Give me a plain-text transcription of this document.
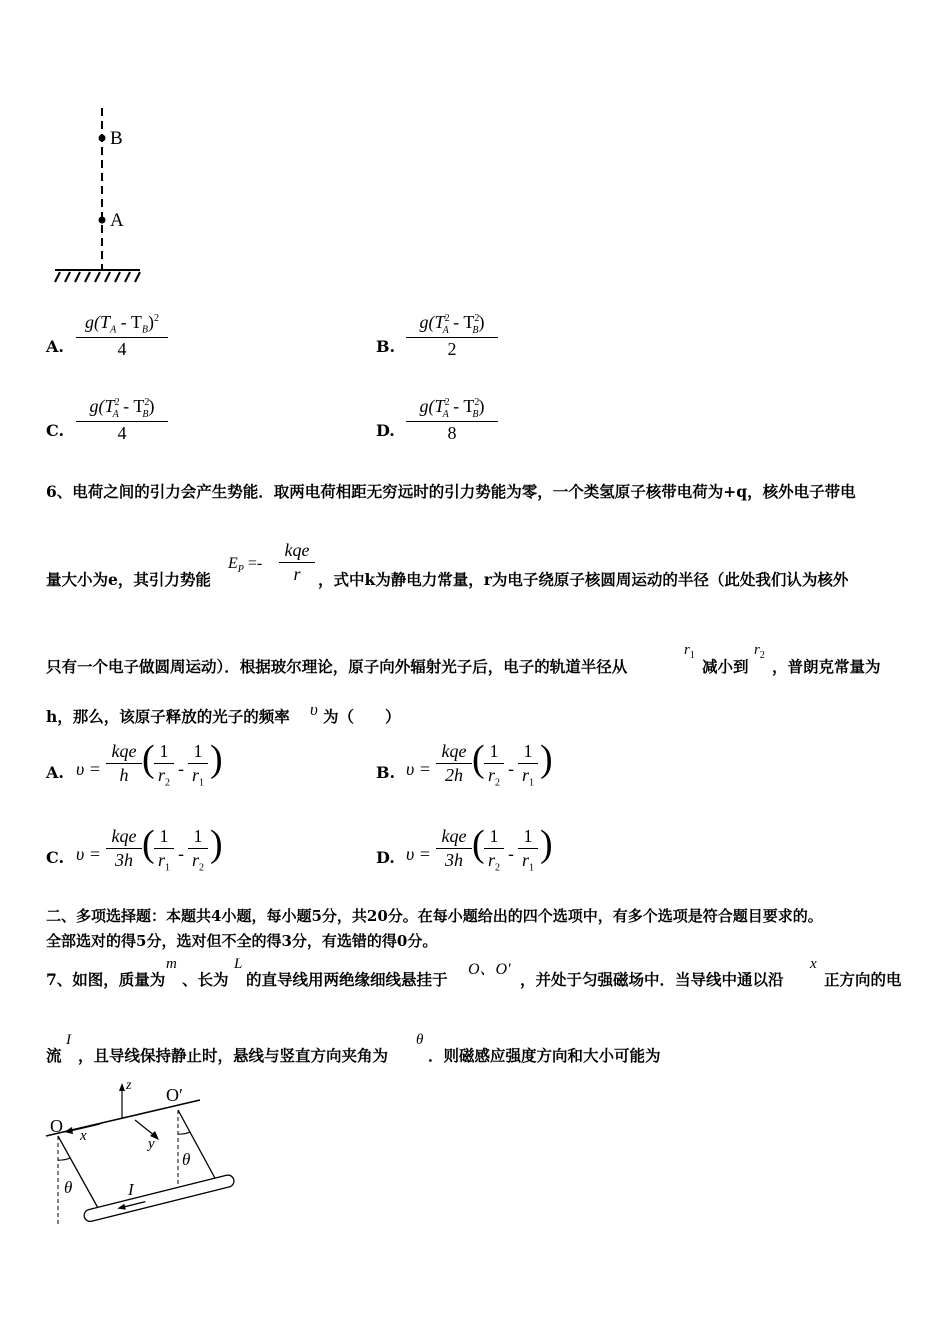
B
A
A.
$g(T_A - T_B)^2$
4	B.
$g(T^2_A - T^2_B)$
2
C.
$g(T^2_A - T^2_B)$
4	D.
$g(T^2_A - T^2_B)$
8
6、电荷之间的引力会产生势能．取两电荷相距无穷远时的引力势能为零，一个类氢原子核带电荷为+q，核外电子带电
量大小为e，其引力势能
$E_P$ =-
kqe
r	，式中k为静电力常量，r为电子绕原子核圆周运动的半径（此处我们认为核外
只有一个电子做圆周运动）．根据玻尔理论，原子向外辐射光子后，电子的轨道半径从
$r_1$
减小到
$r_2$
，普朗克常量为
h，那么，该原子释放的光子的频率 υ 为（　　）
A. υ =
kqe
h ( 1
$r_2$
-
1
$r_1$
)	B. υ =
kqe
2h ( 1
$r_2$
-
1
$r_1$
)
C. υ =
kqe
3h ( 1
$r_1$
-
1
$r_2$
)	D. υ =
kqe
3h ( 1
$r_2$
-
1
$r_1$
)
二、多项选择题：本题共4小题，每小题5分，共20分。在每小题给出的四个选项中，有多个选项是符合题目要求的。
全部选对的得5分，选对但不全的得3分，有选错的得0分。
7、如图，质量为
m
、长为
L
的直导线用两绝缘细线悬挂于
O、O′
，并处于匀强磁场中．当导线中通以沿
x
正方向的电
流
I
，且导线保持静止时，悬线与竖直方向夹角为
θ
．则磁感应强度方向和大小可能为
O
O′
x	y
z
θ
θ
I
